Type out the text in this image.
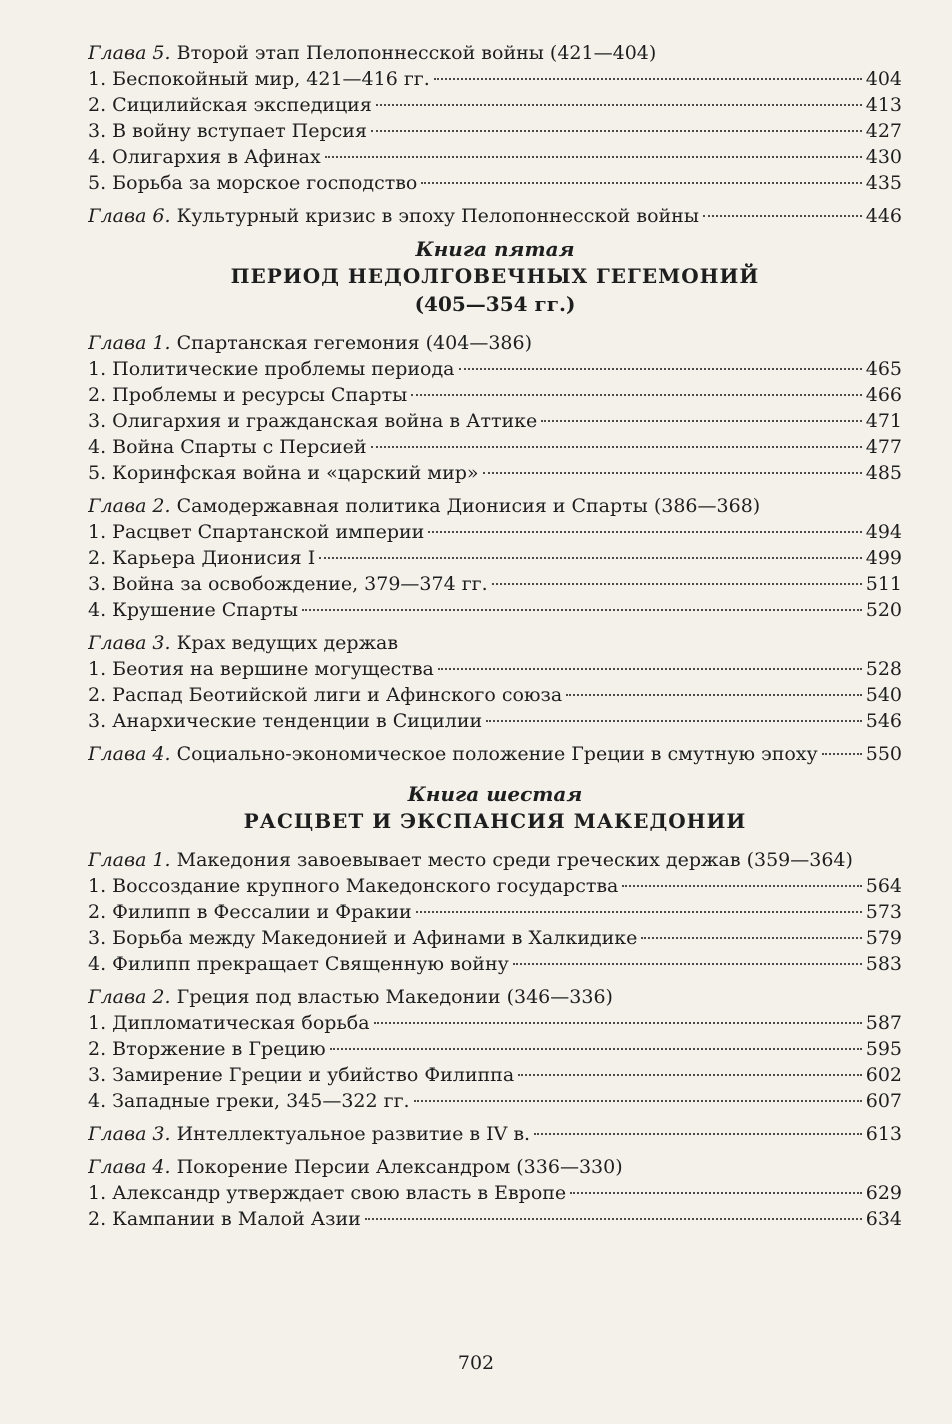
Глава 5. Второй этап Пелопоннесской войны (421—404)
1. Беспокойный мир, 421—416 гг.	404
2. Сицилийская экспедиция	413
3. В войну вступает Персия	427
4. Олигархия в Афинах	430
5. Борьба за морское господство	435
Глава 6. Культурный кризис в эпоху Пелопоннесской войны	446
Книга пятая
ПЕРИОД НЕДОЛГОВЕЧНЫХ ГЕГЕМОНИЙ
(405—354 гг.)
Глава 1. Спартанская гегемония (404—386)
1. Политические проблемы периода	465
2. Проблемы и ресурсы Спарты	466
3. Олигархия и гражданская война в Аттике	471
4. Война Спарты с Персией	477
5. Коринфская война и «царский мир»	485
Глава 2. Самодержавная политика Дионисия и Спарты (386—368)
1. Расцвет Спартанской империи	494
2. Карьера Дионисия I	499
3. Война за освобождение, 379—374 гг.	511
4. Крушение Спарты	520
Глава 3. Крах ведущих держав
1. Беотия на вершине могущества	528
2. Распад Беотийской лиги и Афинского союза	540
3. Анархические тенденции в Сицилии	546
Глава 4. Социально-экономическое положение Греции в смутную эпоху	550
Книга шестая
РАСЦВЕТ И ЭКСПАНСИЯ МАКЕДОНИИ
Глава 1. Македония завоевывает место среди греческих держав (359—364)
1. Воссоздание крупного Македонского государства	564
2. Филипп в Фессалии и Фракии	573
3. Борьба между Македонией и Афинами в Халкидике	579
4. Филипп прекращает Священную войну	583
Глава 2. Греция под властью Македонии (346—336)
1. Дипломатическая борьба	587
2. Вторжение в Грецию	595
3. Замирение Греции и убийство Филиппа	602
4. Западные греки, 345—322 гг.	607
Глава 3. Интеллектуальное развитие в IV в.	613
Глава 4. Покорение Персии Александром (336—330)
1. Александр утверждает свою власть в Европе	629
2. Кампании в Малой Азии	634
702
